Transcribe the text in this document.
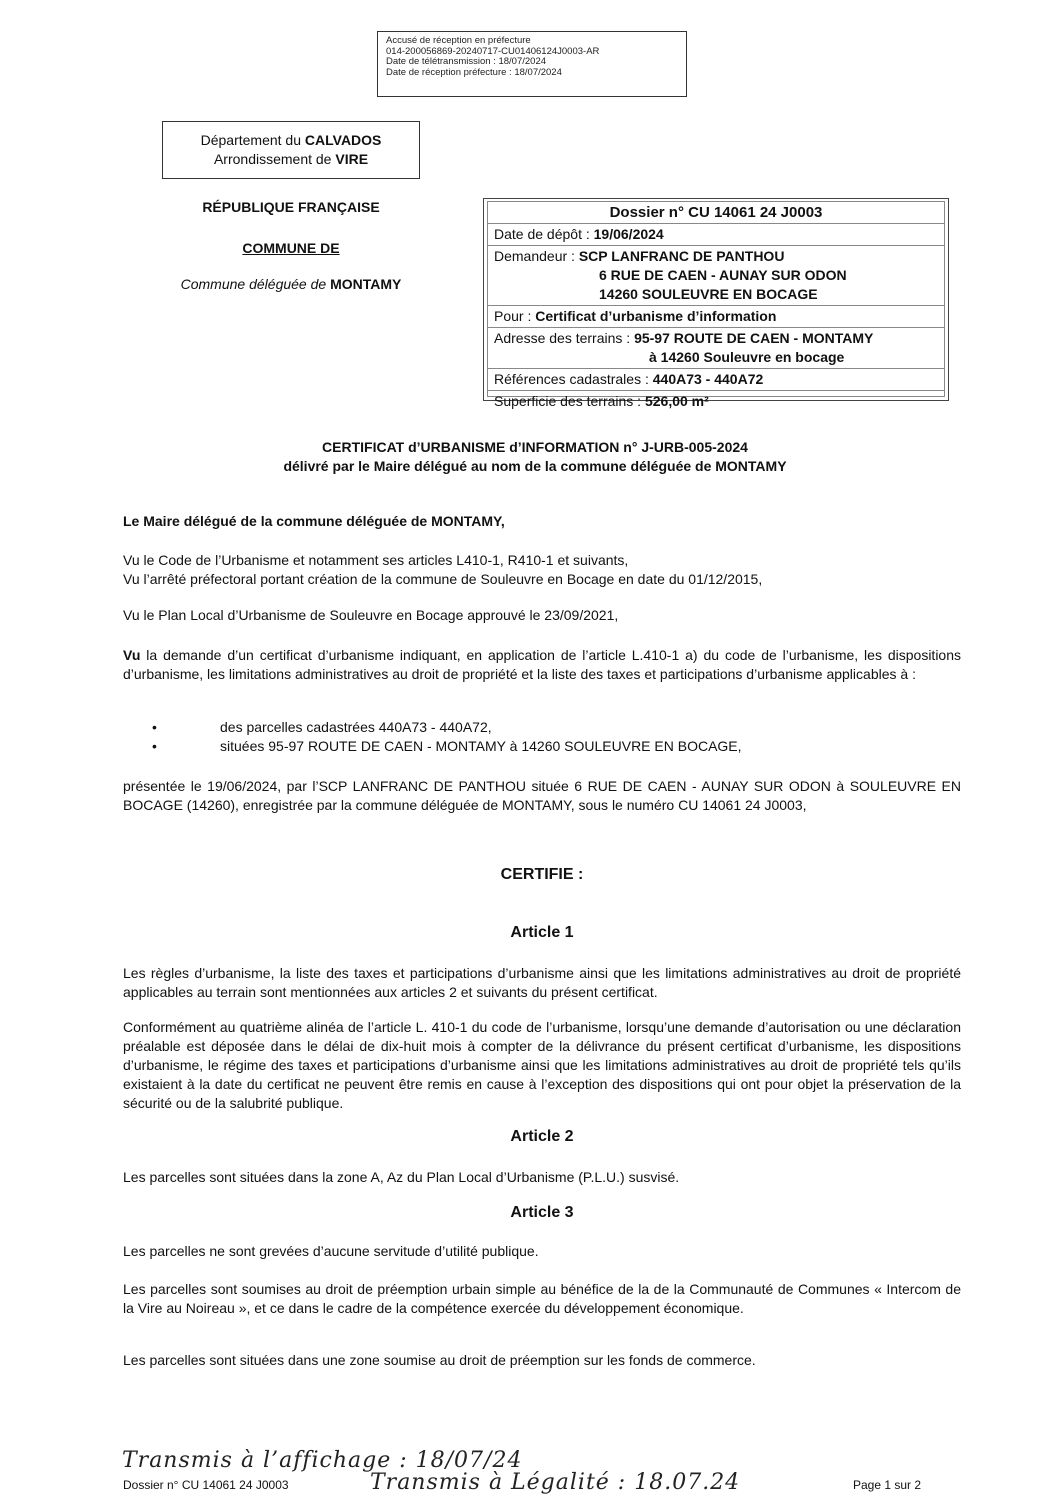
Accusé de réception en préfecture
014-200056869-20240717-CU01406124J0003-AR
Date de télétransmission : 18/07/2024
Date de réception préfecture : 18/07/2024
Département du CALVADOS
Arrondissement de VIRE
RÉPUBLIQUE FRANÇAISE
COMMUNE DE
Commune déléguée de MONTAMY
Dossier n° CU 14061 24 J0003
Date de dépôt : 19/06/2024
Demandeur : SCP LANFRANC DE PANTHOU
6 RUE DE CAEN - AUNAY SUR ODON
14260 SOULEUVRE EN BOCAGE
Pour : Certificat d’urbanisme d’information
Adresse des terrains : 95-97 ROUTE DE CAEN - MONTAMY
à 14260 Souleuvre en bocage
Références cadastrales : 440A73 - 440A72
Superficie des terrains : 526,00 m²
CERTIFICAT d’URBANISME d’INFORMATION n° J-URB-005-2024
délivré par le Maire délégué au nom de la commune déléguée de MONTAMY
Le Maire délégué de la commune déléguée de MONTAMY,
Vu le Code de l’Urbanisme et notamment ses articles L410-1, R410-1 et suivants,
Vu l’arrêté préfectoral portant création de la commune de Souleuvre en Bocage en date du 01/12/2015,
Vu le Plan Local d’Urbanisme de Souleuvre en Bocage approuvé le 23/09/2021,
Vu la demande d’un certificat d’urbanisme indiquant, en application de l’article L.410-1 a) du code de l’urbanisme, les dispositions d’urbanisme, les limitations administratives au droit de propriété et la liste des taxes et participations d’urbanisme applicables à :
•	des parcelles cadastrées 440A73 - 440A72,
•	situées 95-97 ROUTE DE CAEN - MONTAMY à 14260 SOULEUVRE EN BOCAGE,
présentée le 19/06/2024, par l’SCP LANFRANC DE PANTHOU située 6 RUE DE CAEN - AUNAY SUR ODON à SOULEUVRE EN BOCAGE (14260), enregistrée par la commune déléguée de MONTAMY, sous le numéro CU 14061 24 J0003,
CERTIFIE :
Article 1
Les règles d’urbanisme, la liste des taxes et participations d’urbanisme ainsi que les limitations administratives au droit de propriété applicables au terrain sont mentionnées aux articles 2 et suivants du présent certificat.
Conformément au quatrième alinéa de l’article L. 410-1 du code de l’urbanisme, lorsqu’une demande d’autorisation ou une déclaration préalable est déposée dans le délai de dix-huit mois à compter de la délivrance du présent certificat d’urbanisme, les dispositions d’urbanisme, le régime des taxes et participations d’urbanisme ainsi que les limitations administratives au droit de propriété tels qu’ils existaient à la date du certificat ne peuvent être remis en cause à l’exception des dispositions qui ont pour objet la préservation de la sécurité ou de la salubrité publique.
Article 2
Les parcelles sont situées dans la zone A, Az du Plan Local d’Urbanisme (P.L.U.) susvisé.
Article 3
Les parcelles ne sont grevées d’aucune servitude d’utilité publique.
Les parcelles sont soumises au droit de préemption urbain simple au bénéfice de la de la Communauté de Communes « Intercom de la Vire au Noireau », et ce dans le cadre de la compétence exercée du développement économique.
Les parcelles sont situées dans une zone soumise au droit de préemption sur les fonds de commerce.
Transmis à l’affichage : 18/07/24
Transmis à Légalité : 18.07.24
Dossier n° CU 14061 24 J0003	Page 1 sur 2
